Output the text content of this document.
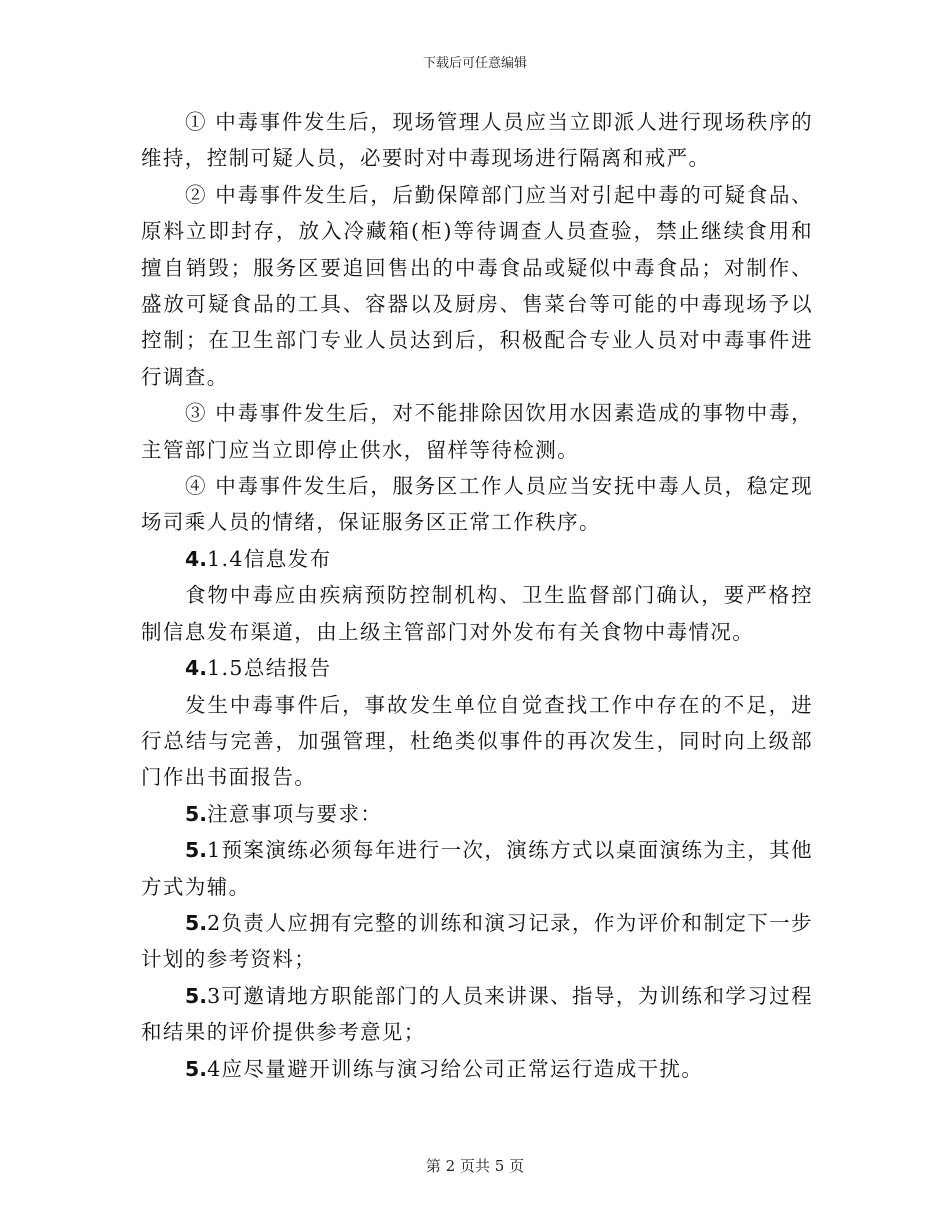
下载后可任意编辑

① 中毒事件发生后，现场管理人员应当立即派人进行现场秩序的维持，控制可疑人员，必要时对中毒现场进行隔离和戒严。

② 中毒事件发生后，后勤保障部门应当对引起中毒的可疑食品、原料立即封存，放入冷藏箱(柜)等待调查人员查验，禁止继续食用和擅自销毁；服务区要追回售出的中毒食品或疑似中毒食品；对制作、盛放可疑食品的工具、容器以及厨房、售菜台等可能的中毒现场予以控制；在卫生部门专业人员达到后，积极配合专业人员对中毒事件进行调查。

③ 中毒事件发生后，对不能排除因饮用水因素造成的事物中毒，主管部门应当立即停止供水，留样等待检测。

④ 中毒事件发生后，服务区工作人员应当安抚中毒人员，稳定现场司乘人员的情绪，保证服务区正常工作秩序。

4.1.4信息发布

食物中毒应由疾病预防控制机构、卫生监督部门确认，要严格控制信息发布渠道，由上级主管部门对外发布有关食物中毒情况。

4.1.5总结报告

发生中毒事件后，事故发生单位自觉查找工作中存在的不足，进行总结与完善，加强管理，杜绝类似事件的再次发生，同时向上级部门作出书面报告。

5.注意事项与要求：

5.1预案演练必须每年进行一次，演练方式以桌面演练为主，其他方式为辅。

5.2负责人应拥有完整的训练和演习记录，作为评价和制定下一步计划的参考资料；

5.3可邀请地方职能部门的人员来讲课、指导，为训练和学习过程和结果的评价提供参考意见；

5.4应尽量避开训练与演习给公司正常运行造成干扰。

第 2 页共 5 页
